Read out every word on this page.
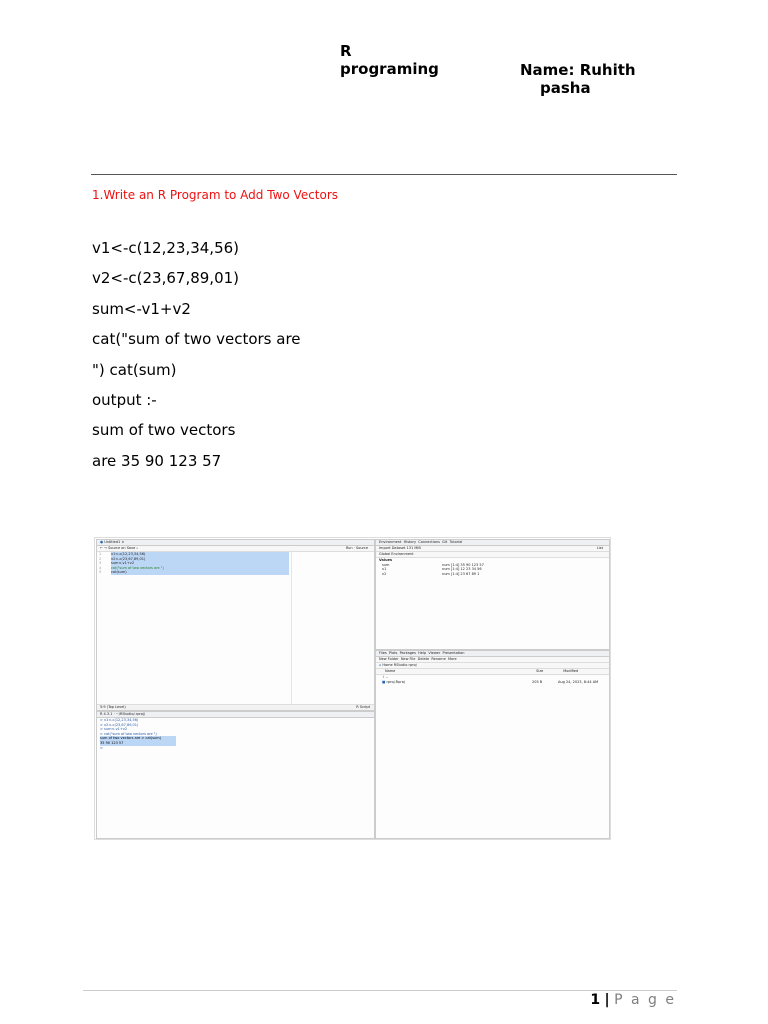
R
programing	Name: Ruhith
pasha
1.Write an R Program to Add Two Vectors
v1<-c(12,23,34,56)
v2<-c(23,67,89,01)
sum<-v1+v2
cat("sum of two vectors are
") cat(sum)
output :-
sum of two vectors
are 35 90 123 57
● Untitled1 ×
← → Source on Save ⌕	Run · Source
v1<-c(12,23,34,56)
v2<-c(23,67,89,01)
sum<-v1+v2
cat("sum of two vectors are ")
cat(sum)
1
2
3
4
5
5:9 (Top Level)	R Script
R 4.3.1 · ~/RStudio/.rproj/
> v1<-c(12,23,34,56)
> v2<-c(23,67,89,01)
> sum<-v1+v2
> cat("sum of two vectors are ")
sum of two vectors are > cat(sum)
35 90 123 57
>
Environment History Connections Git Tutorial
Import Dataset 131 MiB	List
Global Environment
Values
sum	num [1:4] 35 90 123 57
v1	num [1:4] 12 23 34 56
v2	num [1:4] 23 67 89 1
Files Plots Packages Help Viewer Presentation
New Folder New File Delete Rename More
⌂ Home RStudio rproj
Name	Size	Modified
⇧ ..
■ rproj.Rproj	205 B	Aug 24, 2023, 8:44 AM
1 | P a g e
